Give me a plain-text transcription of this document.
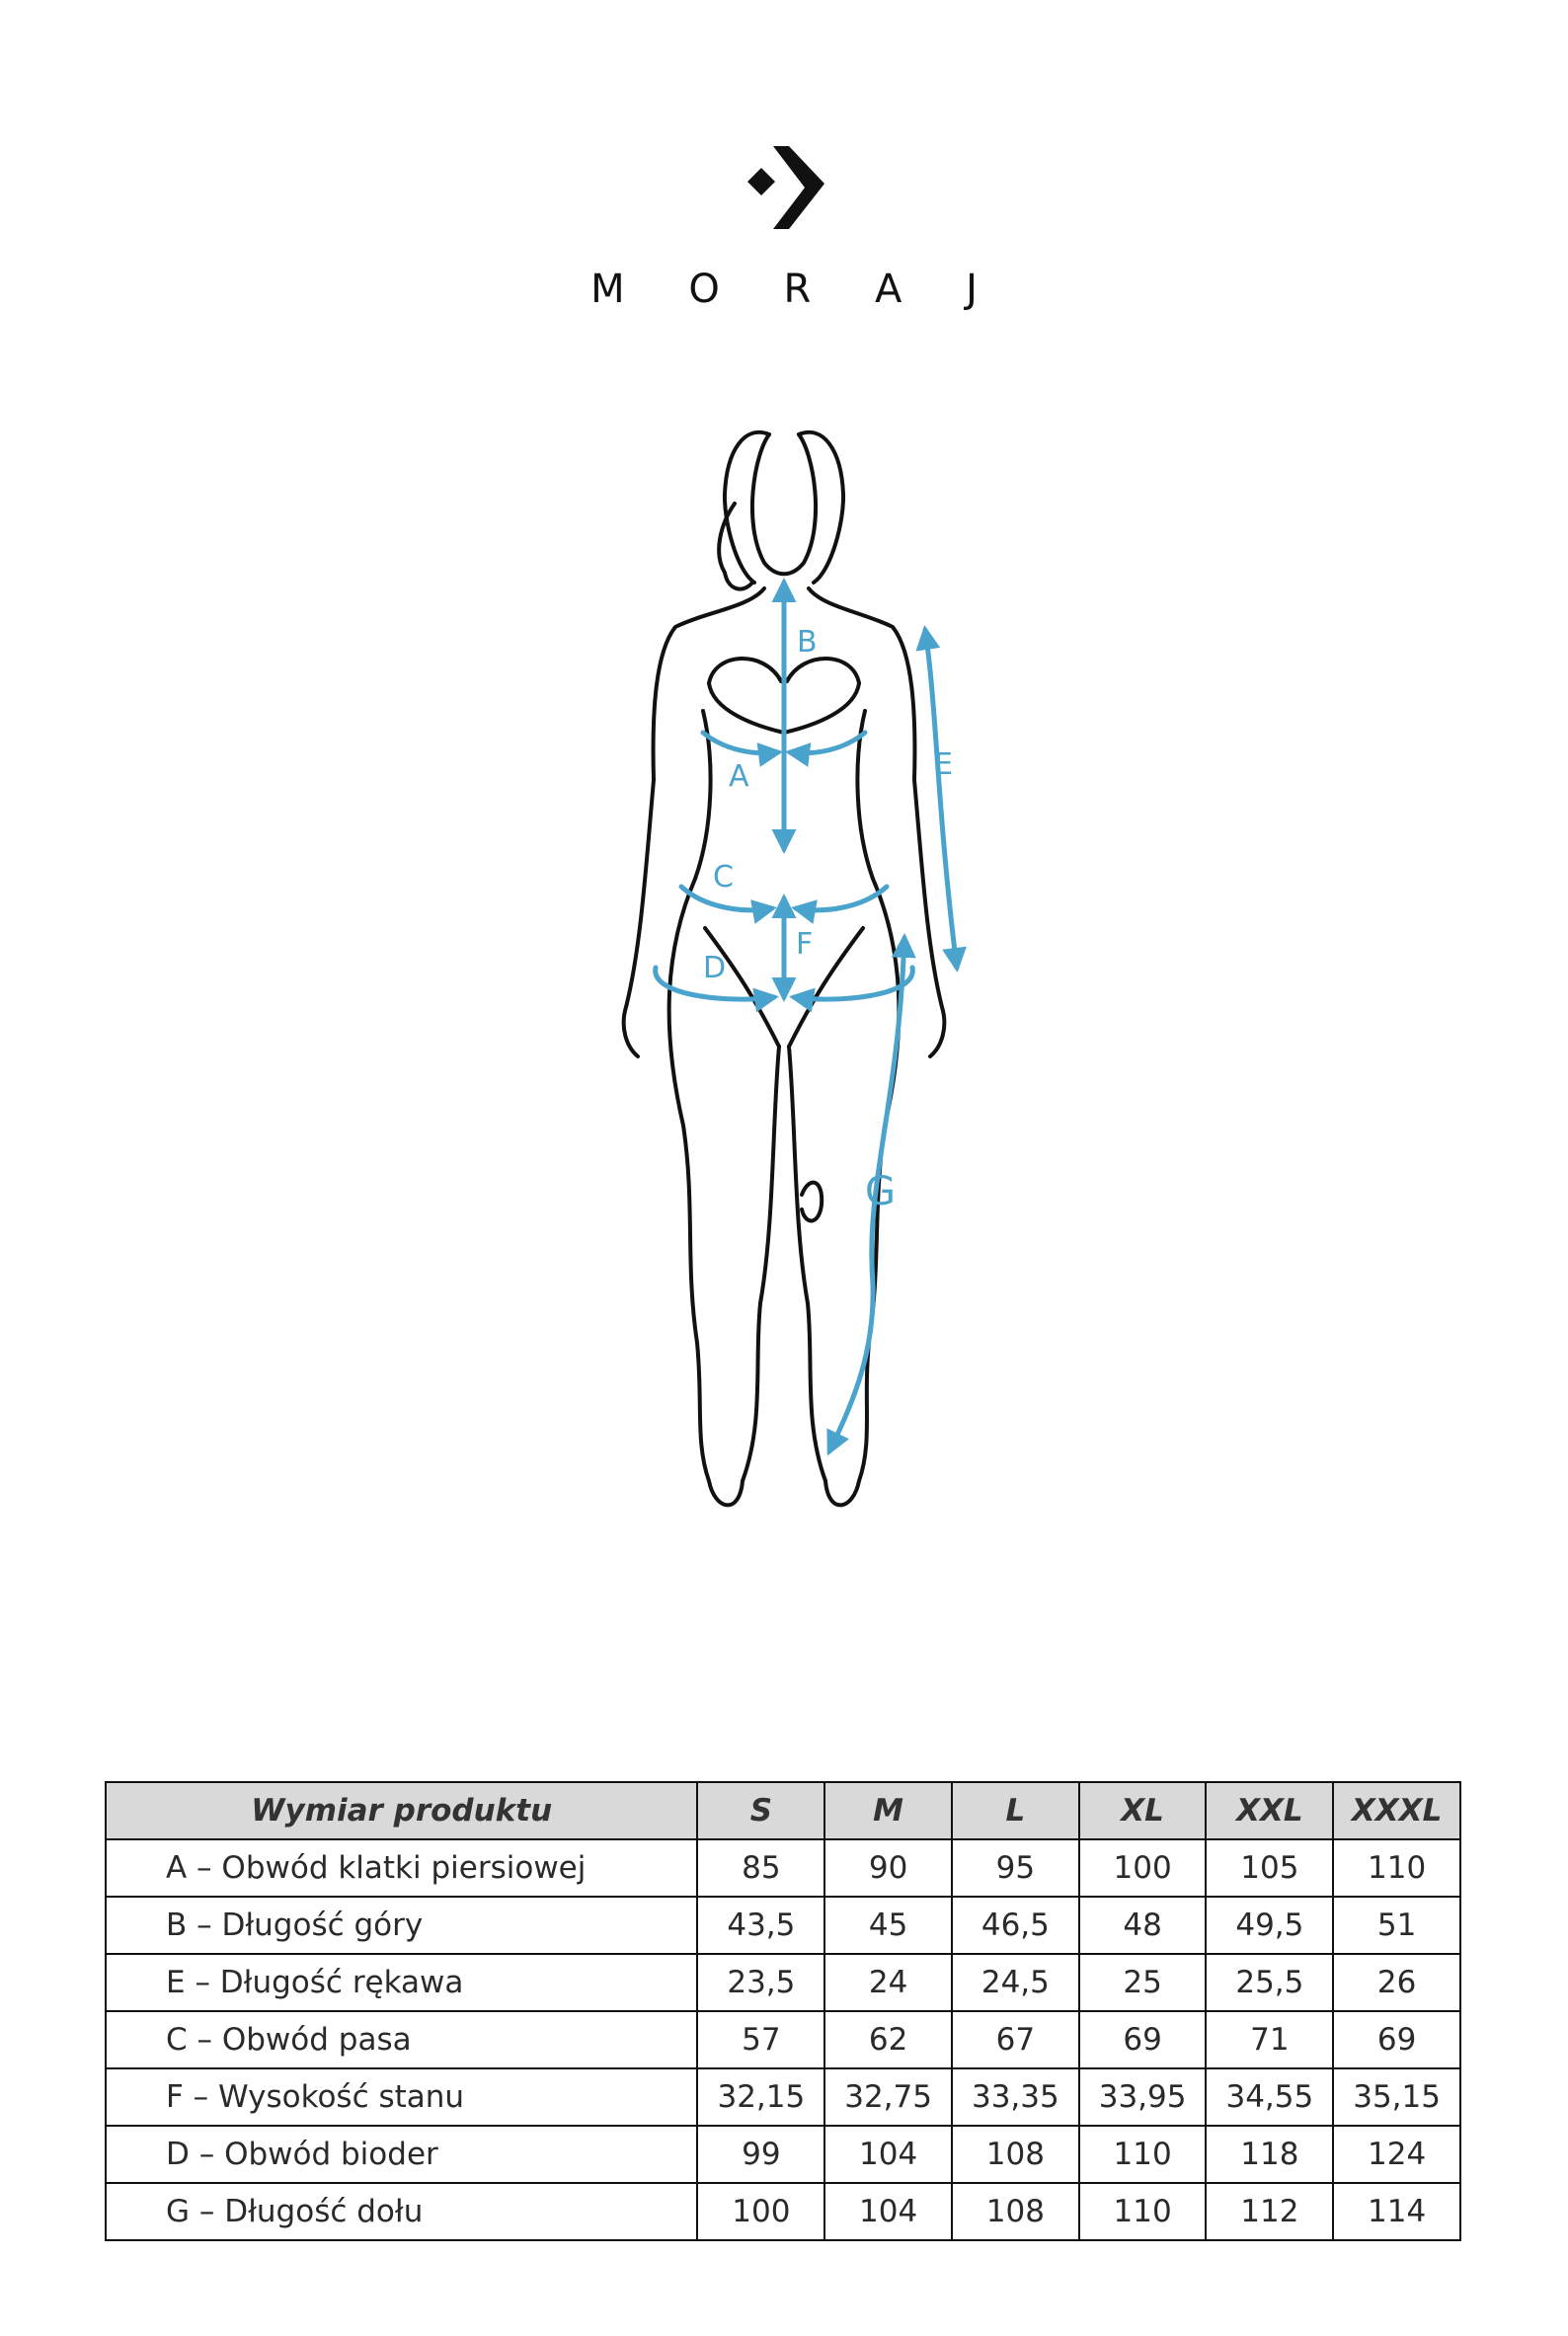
M O R A J
B
A	E
C
F
D
G
Wymiar produktu	S	M	L	XL	XXL	XXXL
A – Obwód klatki piersiowej	85	90	95	100	105	110
B – Długość góry	43,5	45	46,5	48	49,5	51
E – Długość rękawa	23,5	24	24,5	25	25,5	26
C – Obwód pasa	57	62	67	69	71	69
F – Wysokość stanu	32,15	32,75	33,35	33,95	34,55	35,15
D – Obwód bioder	99	104	108	110	118	124
G – Długość dołu	100	104	108	110	112	114
